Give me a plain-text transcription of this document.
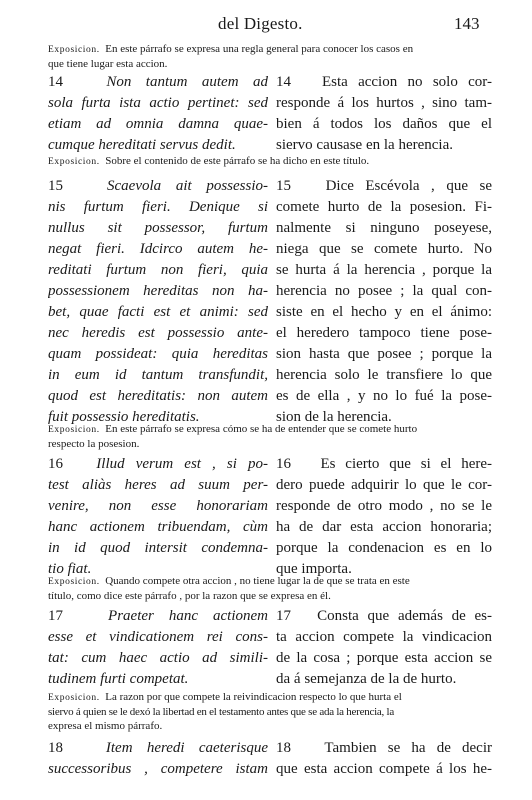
del Digesto.	143
Exposicion. En este párrafo se expresa una regla general para conocer los casos en
que tiene lugar esta accion.
14	Non tantum autem ad
sola furta ista actio pertinet: sed
etiam ad omnia damna quae-
cumque hereditati servus dedit.
14 Esta accion no solo cor-
responde á los hurtos , sino tam-
bien á todos los daños que el
siervo causase en la herencia.
Exposicion. Sobre el contenido de este párrafo se ha dicho en este título.
15	Scaevola ait possessio-
nis furtum fieri. Denique si
nullus sit possessor, furtum
negat fieri. Idcirco autem he-
reditati furtum non fieri, quia
possessionem hereditas non ha-
bet, quae facti est et animi: sed
nec heredis est possessio ante-
quam possideat: quia hereditas
in eum id tantum transfundit,
quod est hereditatis: non autem
fuit possessio hereditatis.
15 Dice Escévola , que se
comete hurto de la posesion. Fi-
nalmente si ninguno poseyese,
niega que se comete hurto. No
se hurta á la herencia , porque la
herencia no posee ; la qual con-
siste en el hecho y en el ánimo:
el heredero tampoco tiene pose-
sion hasta que posee ; porque la
herencia solo le transfiere lo que
es de ella , y no lo fué la pose-
sion de la herencia.
Exposicion. En este párrafo se expresa cómo se ha de entender que se comete hurto
respecto la posesion.
16 Illud verum est , si po-
test aliàs heres ad suum per-
venire, non esse honorariam
hanc actionem tribuendam, cùm
in id quod intersit condemna-
tio fiat.
16 Es cierto que si el here-
dero puede adquirir lo que le cor-
responde de otro modo , no se le
ha de dar esta accion honoraria;
porque la condenacion es en lo
que importa.
Exposicion. Quando compete otra accion , no tiene lugar la de que se trata en este
título, como dice este párrafo , por la razon que se expresa en él.
17	Praeter hanc actionem
esse et vindicationem rei cons-
tat: cum haec actio ad simili-
tudinem furti competat.
17 Consta que además de es-
ta accion compete la vindicacion
de la cosa ; porque esta accion se
da á semejanza de la de hurto.
Exposicion. La razon por que compete la reivindicacion respecto lo que hurta el
siervo á quien se le dexó la libertad en el testamento antes que se ada la herencia, la
expresa el mismo párrafo.
18	Item heredi caeterisque
successoribus , competere istam
18 Tambien se ha de decir
que esta accion compete á los he-
